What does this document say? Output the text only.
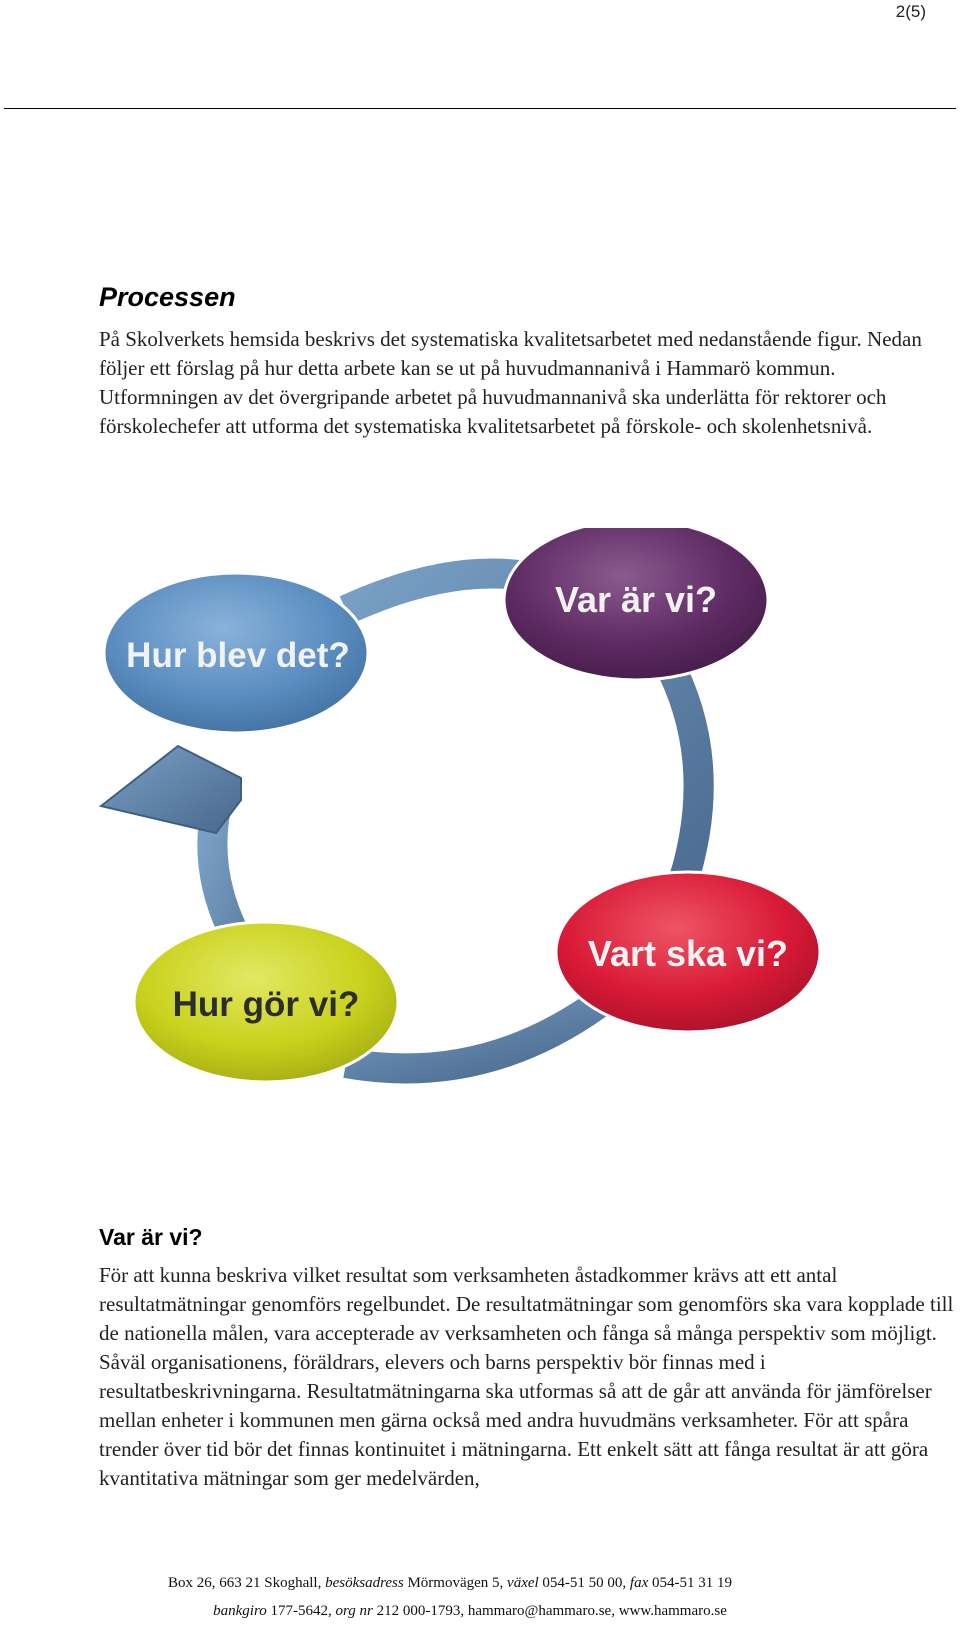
2(5)
Processen

På Skolverkets hemsida beskrivs det systematiska kvalitetsarbetet med nedanstående figur. Nedan följer ett förslag på hur detta arbete kan se ut på huvudmannanivå i Hammarö kommun. Utformningen av det övergripande arbetet på huvudmannanivå ska underlätta för rektorer och förskolechefer att utforma det systematiska kvalitetsarbetet på förskole- och skolenhetsnivå.

Var är vi?
Hur blev det?
Vart ska vi?
Hur gör vi?
Var är vi?

För att kunna beskriva vilket resultat som verksamheten åstadkommer krävs att ett antal resultatmätningar genomförs regelbundet. De resultatmätningar som genomförs ska vara kopplade till de nationella målen, vara accepterade av verksamheten och fånga så många perspektiv som möjligt. Såväl organisationens, föräldrars, elevers och barns perspektiv bör finnas med i resultatbeskrivningarna. Resultatmätningarna ska utformas så att de går att använda för jämförelser mellan enheter i kommunen men gärna också med andra huvudmäns verksamheter. För att spåra trender över tid bör det finnas kontinuitet i mätningarna. Ett enkelt sätt att fånga resultat är att göra kvantitativa mätningar som ger medelvärden,

Box 26, 663 21 Skoghall, besöksadress Mörmovägen 5, växel 054-51 50 00, fax 054-51 31 19
bankgiro 177-5642, org nr 212 000-1793, hammaro@hammaro.se, www.hammaro.se
